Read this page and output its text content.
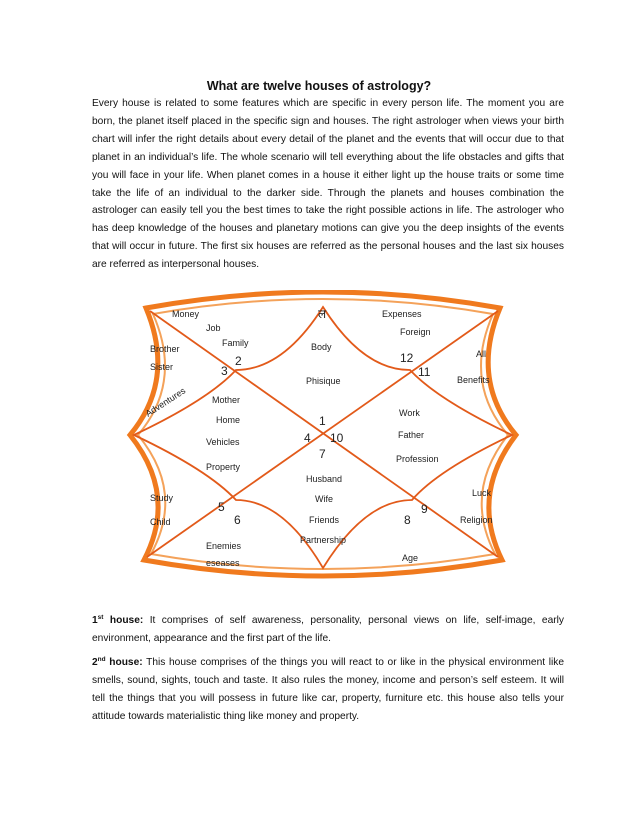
What are twelve houses of astrology?
Every house is related to some features which are specific in every person life. The moment you are born, the planet itself placed in the specific sign and houses. The right astrologer when views your birth chart will infer the right details about every detail of the planet and the events that will occur due to that planet in an individual’s life. The whole scenario will tell everything about the life obstacles and gifts that you will face in your life. When planet comes in a house it either light up the house traits or some time take the life of an individual to the darker side. Through the planets and houses combination the astrologer can easily tell you the best times to take the right possible actions in life. The astrologer who has deep knowledge of the houses and planetary motions can give you the deep insights of the events that will occur in future. The first six houses are referred as the personal houses and the last six houses are referred as interpersonal houses.
ल
Money
Job
Family
Brother
Sister
Adventures
Body
Phisique
Expenses
Foreign
All
Benefits
Mother
Home
Vehicles
Property
Work
Father
Profession
Study
Child
Husband
Wife
Friends
Partnership
Luck
Religion
Enemies
eseases	Age
1
2
3
4
5
6
7
8
9
10
11
12
1st house: It comprises of self awareness, personality, personal views on life, self-image, early environment, appearance and the first part of the life.
2nd house: This house comprises of the things you will react to or like in the physical environment like smells, sound, sights, touch and taste. It also rules the money, income and person’s self esteem. It will tell the things that you will possess in future like car, property, furniture etc. this house also tells your attitude towards materialistic thing like money and property.
